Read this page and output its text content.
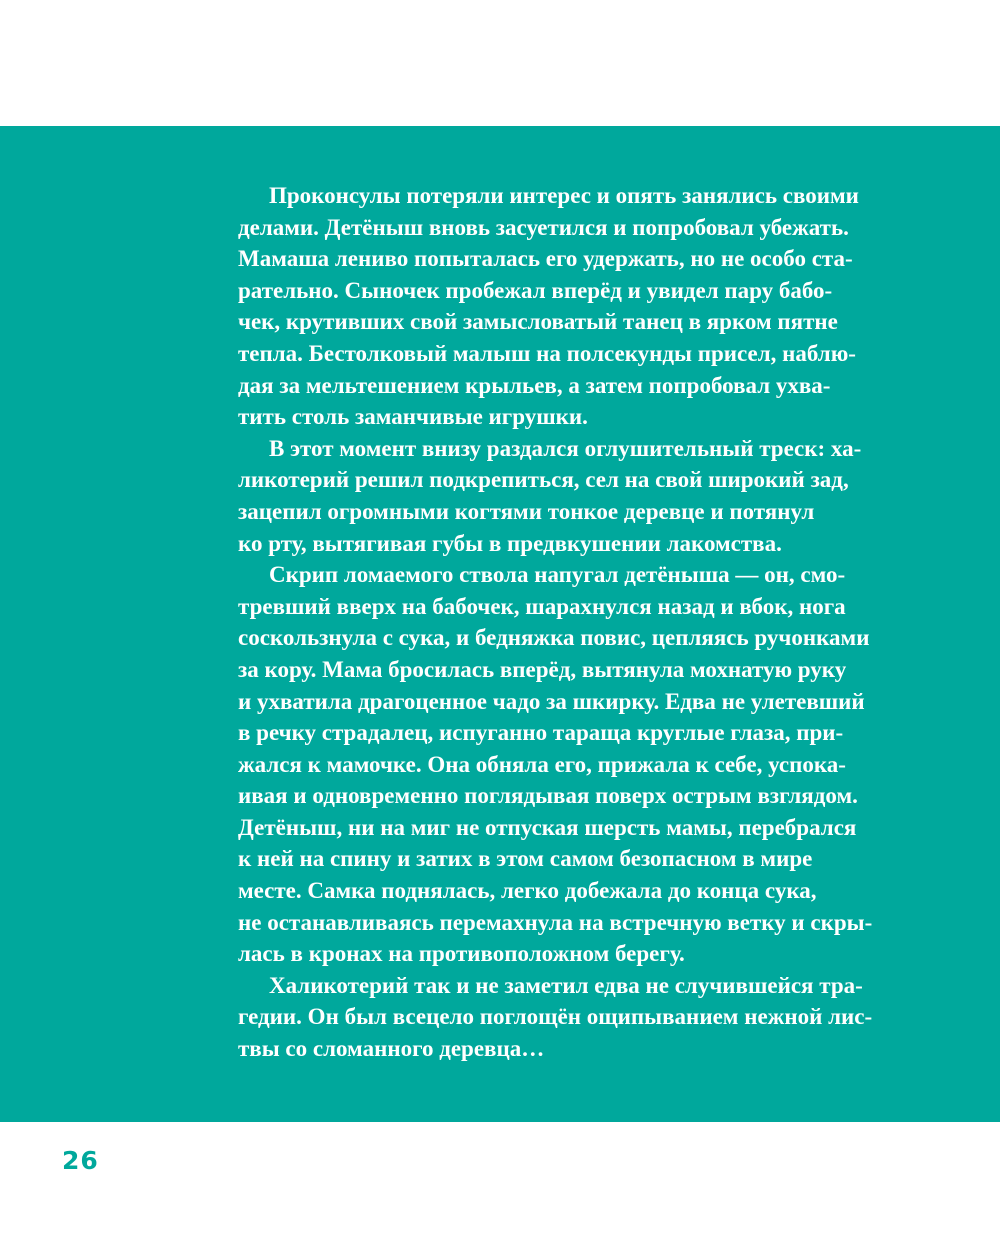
Проконсулы потеряли интерес и опять занялись своими
делами. Детёныш вновь засуетился и попробовал убежать.
Мамаша лениво попыталась его удержать, но не особо ста-
рательно. Сыночек пробежал вперёд и увидел пару бабо-
чек, крутивших свой замысловатый танец в ярком пятне
тепла. Бестолковый малыш на полсекунды присел, наблю-
дая за мельтешением крыльев, а затем попробовал ухва-
тить столь заманчивые игрушки.
В этот момент внизу раздался оглушительный треск: ха-
ликотерий решил подкрепиться, сел на свой широкий зад,
зацепил огромными когтями тонкое деревце и потянул
ко рту, вытягивая губы в предвкушении лакомства.
Скрип ломаемого ствола напугал детёныша — он, смо-
тревший вверх на бабочек, шарахнулся назад и вбок, нога
соскользнула с сука, и бедняжка повис, цепляясь ручонками
за кору. Мама бросилась вперёд, вытянула мохнатую руку
и ухватила драгоценное чадо за шкирку. Едва не улетевший
в речку страдалец, испуганно тараща круглые глаза, при-
жался к мамочке. Она обняла его, прижала к себе, успока-
ивая и одновременно поглядывая поверх острым взглядом.
Детёныш, ни на миг не отпуская шерсть мамы, перебрался
к ней на спину и затих в этом самом безопасном в мире
месте. Самка поднялась, легко добежала до конца сука,
не останавливаясь перемахнула на встречную ветку и скры-
лась в кронах на противоположном берегу.
Халикотерий так и не заметил едва не случившейся тра-
гедии. Он был всецело поглощён ощипыванием нежной лис-
твы со сломанного деревца…
26
